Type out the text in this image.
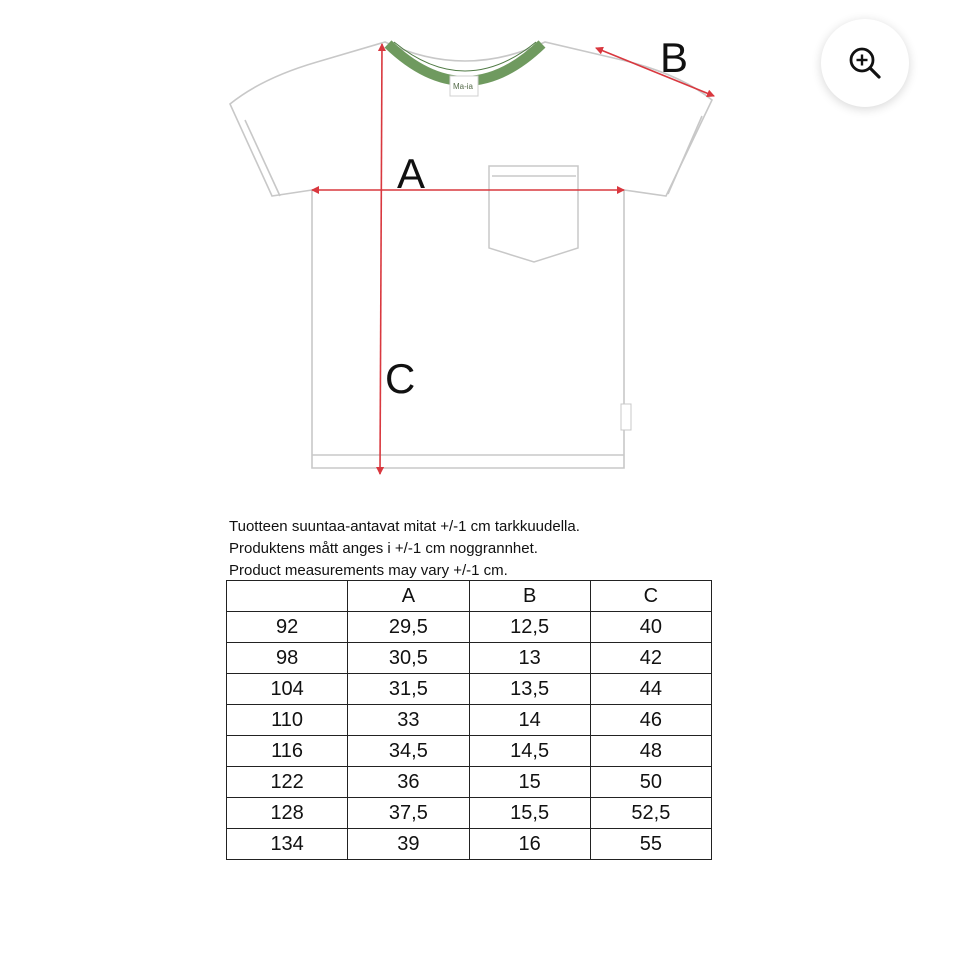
Ma-ia
A
B
C
Tuotteen suuntaa-antavat mitat +/-1 cm tarkkuudella.
Produktens mått anges i +/-1 cm noggrannhet.
Product measurements may vary +/-1 cm.
	A	B	C
92	29,5	12,5	40
98	30,5	13	42
104	31,5	13,5	44
110	33	14	46
116	34,5	14,5	48
122	36	15	50
128	37,5	15,5	52,5
134	39	16	55
